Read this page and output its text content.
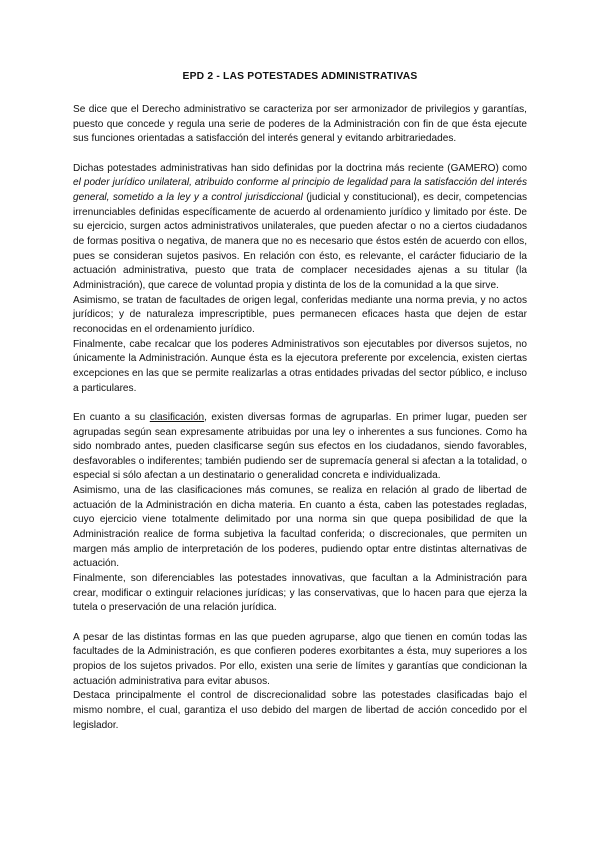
EPD 2 - LAS POTESTADES ADMINISTRATIVAS

Se dice que el Derecho administrativo se caracteriza por ser armonizador de privilegios y garantías, puesto que concede y regula una serie de poderes de la Administración con fin de que ésta ejecute sus funciones orientadas a satisfacción del interés general y evitando arbitrariedades.

Dichas potestades administrativas han sido definidas por la doctrina más reciente (GAMERO) como el poder jurídico unilateral, atribuido conforme al principio de legalidad para la satisfacción del interés general, sometido a la ley y a control jurisdiccional (judicial y constitucional), es decir, competencias irrenunciables definidas específicamente de acuerdo al ordenamiento jurídico y limitado por éste. De su ejercicio, surgen actos administrativos unilaterales, que pueden afectar o no a ciertos ciudadanos de formas positiva o negativa, de manera que no es necesario que éstos estén de acuerdo con ellos, pues se consideran sujetos pasivos. En relación con ésto, es relevante, el carácter fiduciario de la actuación administrativa, puesto que trata de complacer necesidades ajenas a su titular (la Administración), que carece de voluntad propia y distinta de los de la comunidad a la que sirve.

Asimismo, se tratan de facultades de origen legal, conferidas mediante una norma previa, y no actos jurídicos; y de naturaleza imprescriptible, pues permanecen eficaces hasta que dejen de estar reconocidas en el ordenamiento jurídico.

Finalmente, cabe recalcar que los poderes Administrativos son ejecutables por diversos sujetos, no únicamente la Administración. Aunque ésta es la ejecutora preferente por excelencia, existen ciertas excepciones en las que se permite realizarlas a otras entidades privadas del sector público, e incluso a particulares.

En cuanto a su clasificación, existen diversas formas de agruparlas. En primer lugar, pueden ser agrupadas según sean expresamente atribuidas por una ley o inherentes a sus funciones. Como ha sido nombrado antes, pueden clasificarse según sus efectos en los ciudadanos, siendo favorables, desfavorables o indiferentes; también pudiendo ser de supremacía general si afectan a la totalidad, o especial si sólo afectan a un destinatario o generalidad concreta e individualizada.

Asimismo, una de las clasificaciones más comunes, se realiza en relación al grado de libertad de actuación de la Administración en dicha materia. En cuanto a ésta, caben las potestades regladas, cuyo ejercicio viene totalmente delimitado por una norma sin que quepa posibilidad de que la Administración realice de forma subjetiva la facultad conferida; o discrecionales, que permiten un margen más amplio de interpretación de los poderes, pudiendo optar entre distintas alternativas de actuación.

Finalmente, son diferenciables las potestades innovativas, que facultan a la Administración para crear, modificar o extinguir relaciones jurídicas; y las conservativas, que lo hacen para que ejerza la tutela o preservación de una relación jurídica.

A pesar de las distintas formas en las que pueden agruparse, algo que tienen en común todas las facultades de la Administración, es que confieren poderes exorbitantes a ésta, muy superiores a los propios de los sujetos privados. Por ello, existen una serie de límites y garantías que condicionan la actuación administrativa para evitar abusos.

Destaca principalmente el control de discrecionalidad sobre las potestades clasificadas bajo el mismo nombre, el cual, garantiza el uso debido del margen de libertad de acción concedido por el legislador.
